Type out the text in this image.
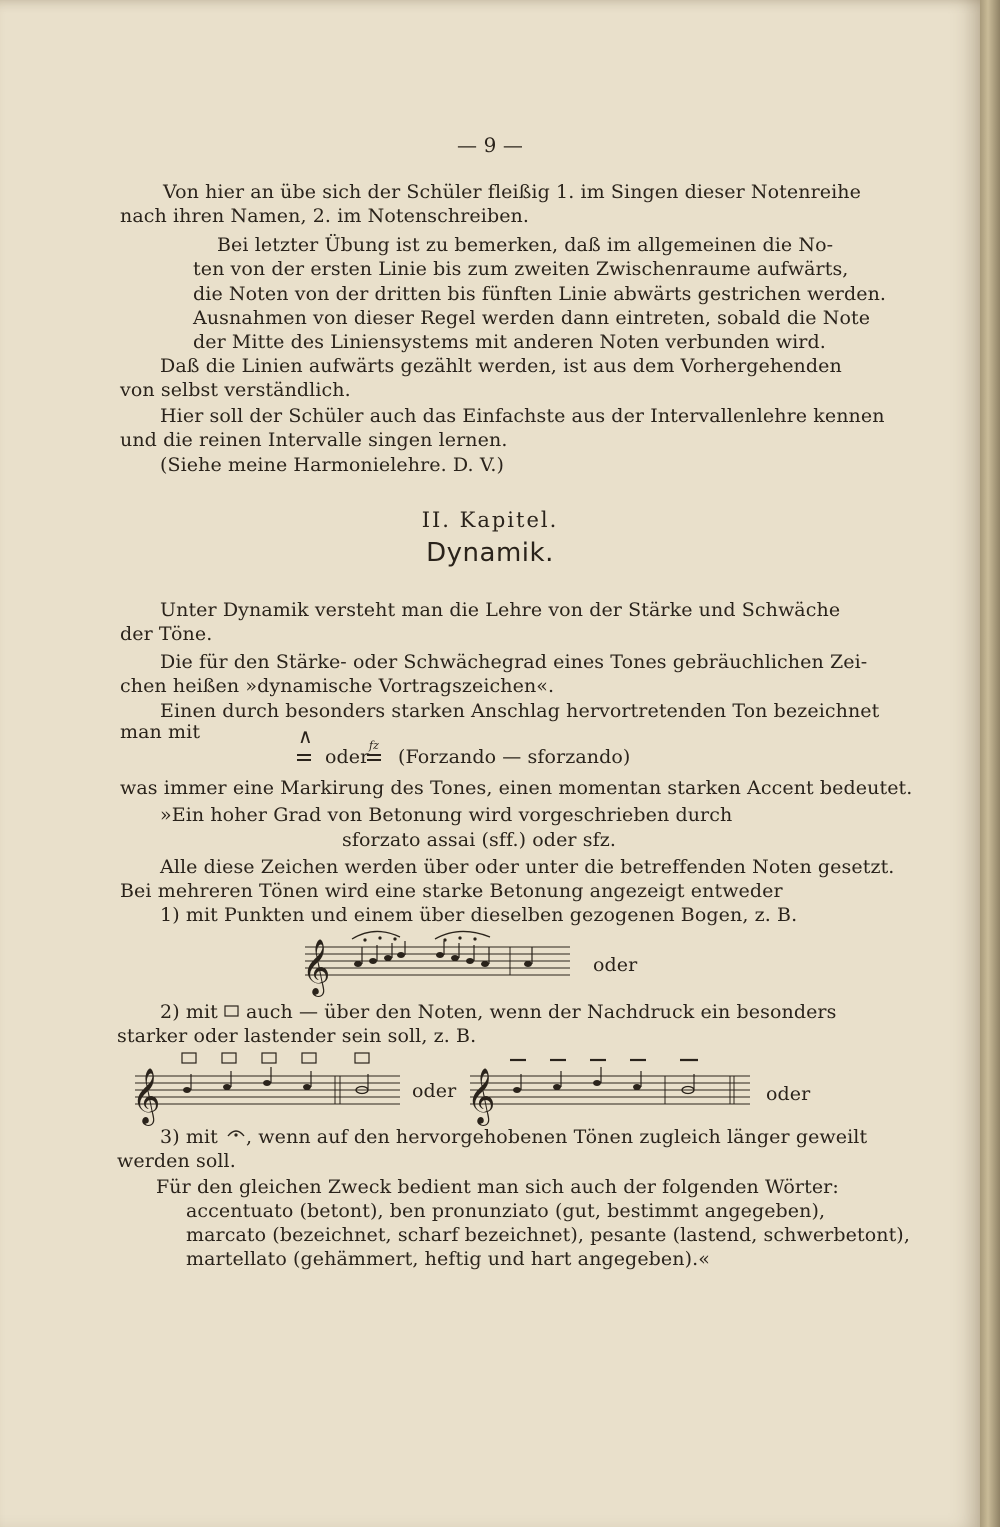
— 9 —
Von hier an übe sich der Schüler fleißig 1. im Singen dieser Notenreihe
nach ihren Namen, 2. im Notenschreiben.
Bei letzter Übung ist zu bemerken, daß im allgemeinen die No-
ten von der ersten Linie bis zum zweiten Zwischenraume aufwärts,
die Noten von der dritten bis fünften Linie abwärts gestrichen werden.
Ausnahmen von dieser Regel werden dann eintreten, sobald die Note
der Mitte des Liniensystems mit anderen Noten verbunden wird.
Daß die Linien aufwärts gezählt werden, ist aus dem Vorhergehenden
von selbst verständlich.
Hier soll der Schüler auch das Einfachste aus der Intervallenlehre kennen
und die reinen Intervalle singen lernen.
(Siehe meine Harmonielehre. D. V.)
II. Kapitel.
Dynamik.
Unter Dynamik versteht man die Lehre von der Stärke und Schwäche
der Töne.
Die für den Stärke- oder Schwächegrad eines Tones gebräuchlichen Zei-
chen heißen »dynamische Vortragszeichen«.
Einen durch besonders starken Anschlag hervortretenden Ton bezeichnet
man mit	∧
oder
fz
(Forzando — sforzando)
was immer eine Markirung des Tones, einen momentan starken Accent bedeutet.
»Ein hoher Grad von Betonung wird vorgeschrieben durch
sforzato assai (sff.) oder sfz.
Alle diese Zeichen werden über oder unter die betreffenden Noten gesetzt.
Bei mehreren Tönen wird eine starke Betonung angezeigt entweder
1) mit Punkten und einem über dieselben gezogenen Bogen, z. B.
𝄞	oder
2) mit auch — über den Noten, wenn der Nachdruck ein besonders
starker oder lastender sein soll, z. B.
𝄞	𝄞
oder	oder
3) mit , wenn auf den hervorgehobenen Tönen zugleich länger geweilt
werden soll.
Für den gleichen Zweck bedient man sich auch der folgenden Wörter:
accentuato (betont), ben pronunziato (gut, bestimmt angegeben),
marcato (bezeichnet, scharf bezeichnet), pesante (lastend, schwerbetont),
martellato (gehämmert, heftig und hart angegeben).«
